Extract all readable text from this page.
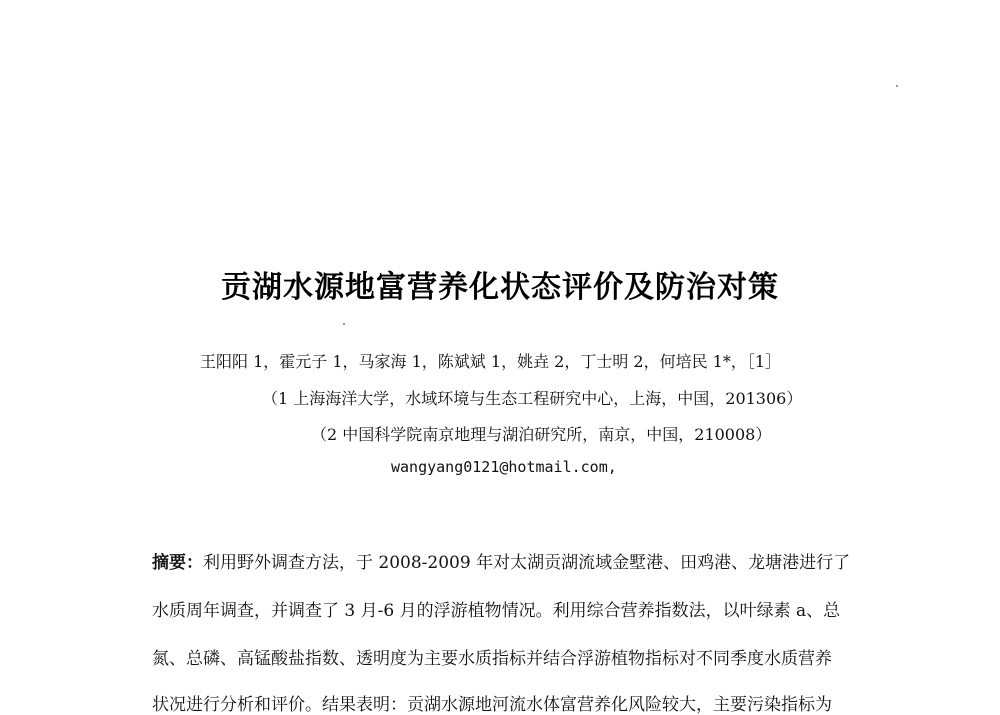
贡湖水源地富营养化状态评价及防治对策
王阳阳 1，霍元子 1，马家海 1，陈斌斌 1，姚垚 2，丁士明 2，何培民 1*，［1］
（1 上海海洋大学，水域环境与生态工程研究中心，上海，中国，201306）
（2 中国科学院南京地理与湖泊研究所，南京，中国，210008）
wangyang0121@hotmail.com,
摘要：利用野外调查方法，于 2008-2009 年对太湖贡湖流域金墅港、田鸡港、龙塘港进行了
水质周年调查，并调查了 3 月-6 月的浮游植物情况。利用综合营养指数法，以叶绿素 a、总
氮、总磷、高锰酸盐指数、透明度为主要水质指标并结合浮游植物指标对不同季度水质营养
状况进行分析和评价。结果表明：贡湖水源地河流水体富营养化风险较大，主要污染指标为
